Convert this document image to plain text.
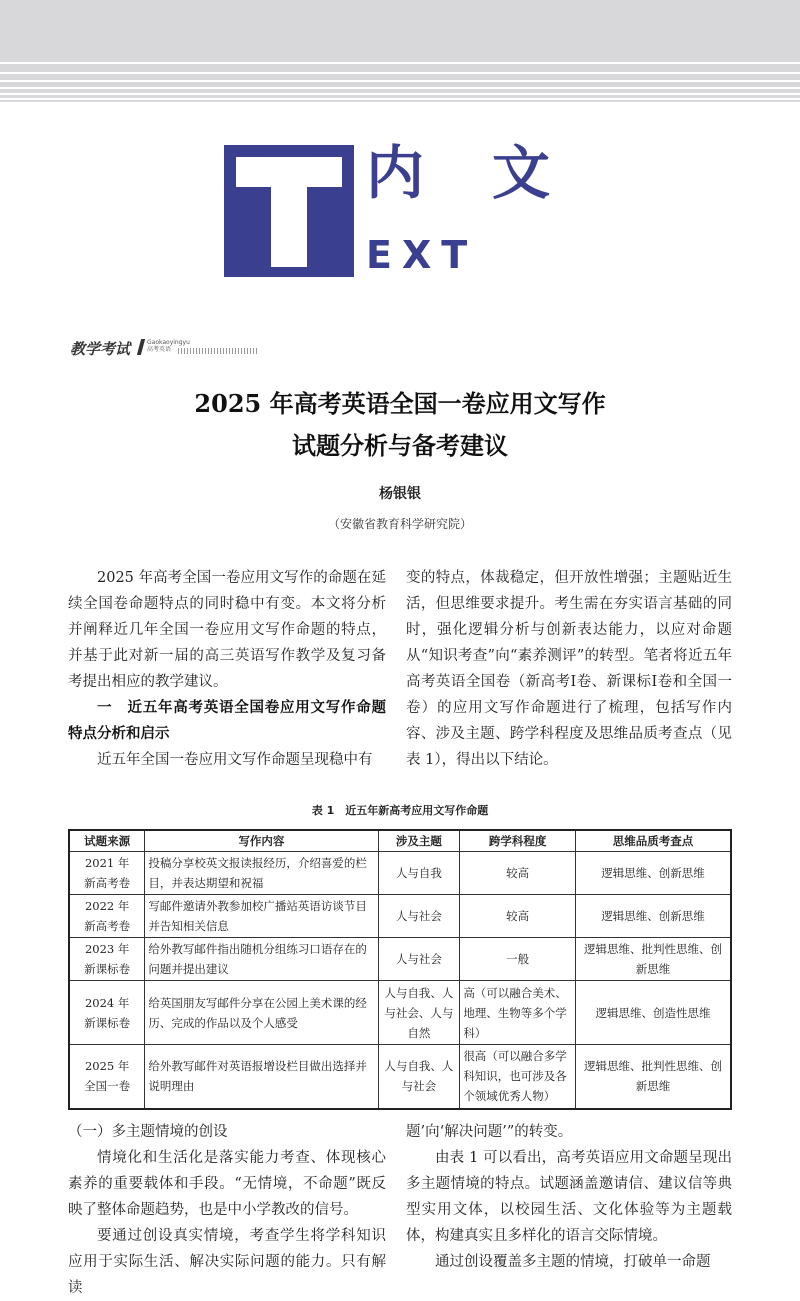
内 文
EXT
教学考试	Gaokaoyingyu
高考英语
2025 年高考英语全国一卷应用文写作
试题分析与备考建议
杨银银
（安徽省教育科学研究院）

2025 年高考全国一卷应用文写作的命题在延续全国卷命题特点的同时稳中有变。本文将分析并阐释近几年全国一卷应用文写作命题的特点，并基于此对新一届的高三英语写作教学及复习备考提出相应的教学建议。

一　近五年高考英语全国卷应用文写作命题特点分析和启示

近五年全国一卷应用文写作命题呈现稳中有

变的特点，体裁稳定，但开放性增强；主题贴近生活，但思维要求提升。考生需在夯实语言基础的同时，强化逻辑分析与创新表达能力，以应对命题从“知识考查”向“素养测评”的转型。笔者将近五年高考英语全国卷（新高考Ⅰ卷、新课标Ⅰ卷和全国一卷）的应用文写作命题进行了梳理，包括写作内容、涉及主题、跨学科程度及思维品质考查点（见表 1），得出以下结论。

表 1　近五年新高考应用文写作命题
试题来源	写作内容	涉及主题	跨学科程度	思维品质考查点

2021 年
新高考卷	投稿分享校英文报读报经历，介绍喜爱的栏目，并表达期望和祝福	人与自我	较高	逻辑思维、创新思维

2022 年
新高考卷	写邮件邀请外教参加校广播站英语访谈节目并告知相关信息	人与社会	较高	逻辑思维、创新思维

2023 年
新课标卷	给外教写邮件指出随机分组练习口语存在的问题并提出建议	人与社会	一般	逻辑思维、批判性思维、创新思维

2024 年
新课标卷	给英国朋友写邮件分享在公园上美术课的经历、完成的作品以及个人感受	人与自我、人与社会、人与自然	高（可以融合美术、地理、生物等多个学科）	逻辑思维、创造性思维

2025 年
全国一卷	给外教写邮件对英语报增设栏目做出选择并说明理由	人与自我、人与社会	很高（可以融合多学科知识，也可涉及各个领域优秀人物）	逻辑思维、批判性思维、创新思维

（一）多主题情境的创设

情境化和生活化是落实能力考查、体现核心素养的重要载体和手段。“无情境，不命题”既反映了整体命题趋势，也是中小学教改的信号。

要通过创设真实情境，考查学生将学科知识应用于实际生活、解决实际问题的能力。只有解读

题’向‘解决问题’”的转变。

由表 1 可以看出，高考英语应用文命题呈现出多主题情境的特点。试题涵盖邀请信、建议信等典型实用文体，以校园生活、文化体验等为主题载体，构建真实且多样化的语言交际情境。

通过创设覆盖多主题的情境，打破单一命题
